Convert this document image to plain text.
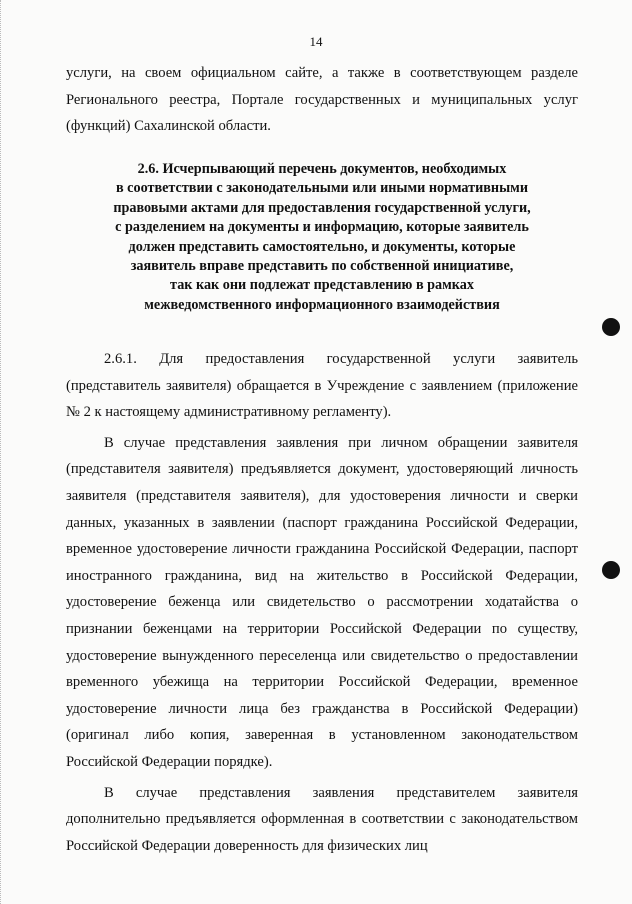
14
услуги, на своем официальном сайте, а также в соответствующем разделе Регионального реестра, Портале государственных и муниципальных услуг (функций) Сахалинской области.
2.6. Исчерпывающий перечень документов, необходимых
в соответствии с законодательными или иными нормативными
правовыми актами для предоставления государственной услуги,
с разделением на документы и информацию, которые заявитель
должен представить самостоятельно, и документы, которые
заявитель вправе представить по собственной инициативе,
так как они подлежат представлению в рамках
межведомственного информационного взаимодействия

2.6.1. Для предоставления государственной услуги заявитель (представитель заявителя) обращается в Учреждение с заявлением (приложение № 2 к настоящему административному регламенту).

В случае представления заявления при личном обращении заявителя (представителя заявителя) предъявляется документ, удостоверяющий личность заявителя (представителя заявителя), для удостоверения личности и сверки данных, указанных в заявлении (паспорт гражданина Российской Федерации, временное удостоверение личности гражданина Российской Федерации, паспорт иностранного гражданина, вид на жительство в Российской Федерации, удостоверение беженца или свидетельство о рассмотрении ходатайства о признании беженцами на территории Российской Федерации по существу, удостоверение вынужденного переселенца или свидетельство о предоставлении временного убежища на территории Российской Федерации, временное удостоверение личности лица без гражданства в Российской Федерации) (оригинал либо копия, заверенная в установленном законодательством Российской Федерации порядке).

В случае представления заявления представителем заявителя дополнительно предъявляется оформленная в соответствии с законодательством Российской Федерации доверенность для физических лиц
